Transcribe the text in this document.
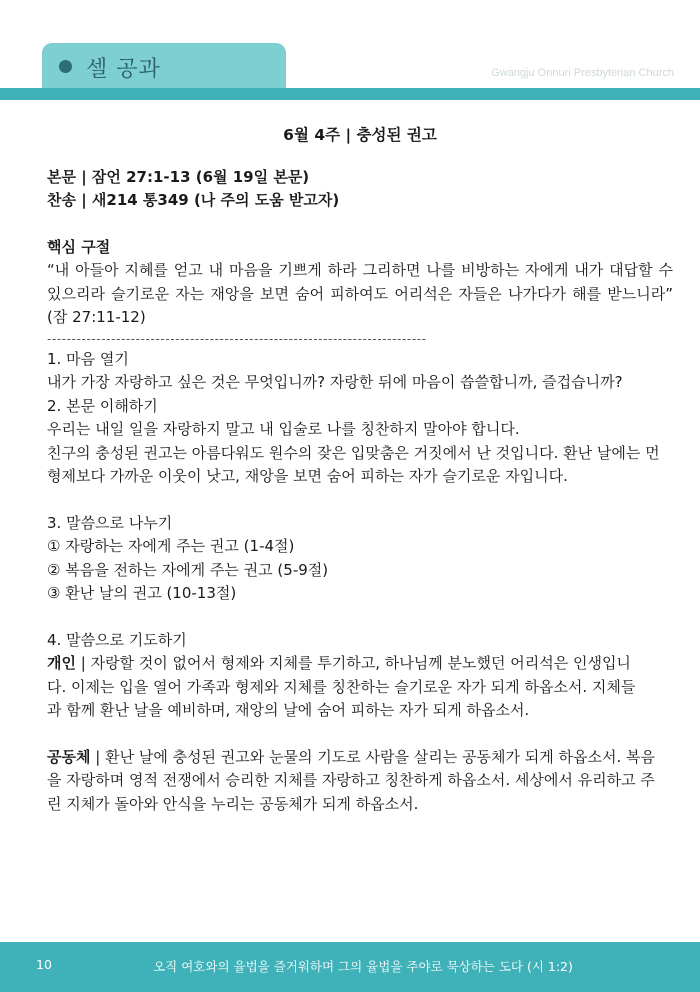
셀 공과	Gwangju Onnuri Presbyterian Church

6월 4주 | 충성된 권고

본문 | 잠언 27:1-13 (6월 19일 본문)

찬송 | 새214 통349 (나 주의 도움 받고자)

핵심 구절

“내 아들아 지혜를 얻고 내 마음을 기쁘게 하라 그리하면 나를 비방하는 자에게 내가 대답할 수 있으리라 슬기로운 자는 재앙을 보면 숨어 피하여도 어리석은 자들은 나가다가 해를 받느니라” (잠 27:11-12)

-----------------------------------------------------------------------------

1. 마음 열기

내가 가장 자랑하고 싶은 것은 무엇입니까? 자랑한 뒤에 마음이 씁쓸합니까, 즐겁습니까?

2. 본문 이해하기

우리는 내일 일을 자랑하지 말고 내 입술로 나를 칭찬하지 말아야 합니다.

친구의 충성된 권고는 아름다워도 원수의 잦은 입맞춤은 거짓에서 난 것입니다. 환난 날에는 먼 형제보다 가까운 이웃이 낫고, 재앙을 보면 숨어 피하는 자가 슬기로운 자입니다.

3. 말씀으로 나누기

① 자랑하는 자에게 주는 권고 (1-4절)

② 복음을 전하는 자에게 주는 권고 (5-9절)

③ 환난 날의 권고 (10-13절)

4. 말씀으로 기도하기

개인 | 자랑할 것이 없어서 형제와 지체를 투기하고, 하나님께 분노했던 어리석은 인생입니다. 이제는 입을 열어 가족과 형제와 지체를 칭찬하는 슬기로운 자가 되게 하옵소서. 지체들과 함께 환난 날을 예비하며, 재앙의 날에 숨어 피하는 자가 되게 하옵소서.

공동체 | 환난 날에 충성된 권고와 눈물의 기도로 사람을 살리는 공동체가 되게 하옵소서. 복음을 자랑하며 영적 전쟁에서 승리한 지체를 자랑하고 칭찬하게 하옵소서. 세상에서 유리하고 주린 지체가 돌아와 안식을 누리는 공동체가 되게 하옵소서.

10	오직 여호와의 율법을 즐거워하며 그의 율법을 주야로 묵상하는 도다 (시 1:2)
